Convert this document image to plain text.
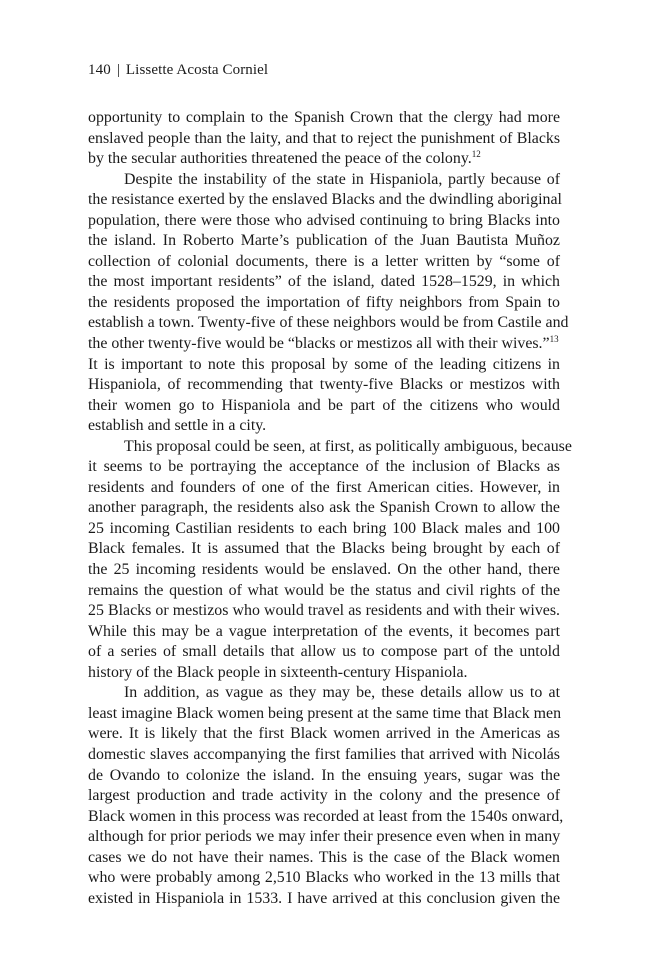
140 | Lissette Acosta Corniel
opportunity to complain to the Spanish Crown that the clergy had more
enslaved people than the laity, and that to reject the punishment of Blacks
by the secular authorities threatened the peace of the colony.$^{12}$
Despite the instability of the state in Hispaniola, partly because of
the resistance exerted by the enslaved Blacks and the dwindling aboriginal
population, there were those who advised continuing to bring Blacks into
the island. In Roberto Marte’s publication of the Juan Bautista Muñoz
collection of colonial documents, there is a letter written by “some of
the most important residents” of the island, dated 1528–1529, in which
the residents proposed the importation of fifty neighbors from Spain to
establish a town. Twenty-five of these neighbors would be from Castile and
the other twenty-five would be “blacks or mestizos all with their wives.”$^{13}$
It is important to note this proposal by some of the leading citizens in
Hispaniola, of recommending that twenty-five Blacks or mestizos with
their women go to Hispaniola and be part of the citizens who would
establish and settle in a city.
This proposal could be seen, at first, as politically ambiguous, because
it seems to be portraying the acceptance of the inclusion of Blacks as
residents and founders of one of the first American cities. However, in
another paragraph, the residents also ask the Spanish Crown to allow the
25 incoming Castilian residents to each bring 100 Black males and 100
Black females. It is assumed that the Blacks being brought by each of
the 25 incoming residents would be enslaved. On the other hand, there
remains the question of what would be the status and civil rights of the
25 Blacks or mestizos who would travel as residents and with their wives.
While this may be a vague interpretation of the events, it becomes part
of a series of small details that allow us to compose part of the untold
history of the Black people in sixteenth-century Hispaniola.
In addition, as vague as they may be, these details allow us to at
least imagine Black women being present at the same time that Black men
were. It is likely that the first Black women arrived in the Americas as
domestic slaves accompanying the first families that arrived with Nicolás
de Ovando to colonize the island. In the ensuing years, sugar was the
largest production and trade activity in the colony and the presence of
Black women in this process was recorded at least from the 1540s onward,
although for prior periods we may infer their presence even when in many
cases we do not have their names. This is the case of the Black women
who were probably among 2,510 Blacks who worked in the 13 mills that
existed in Hispaniola in 1533. I have arrived at this conclusion given the
